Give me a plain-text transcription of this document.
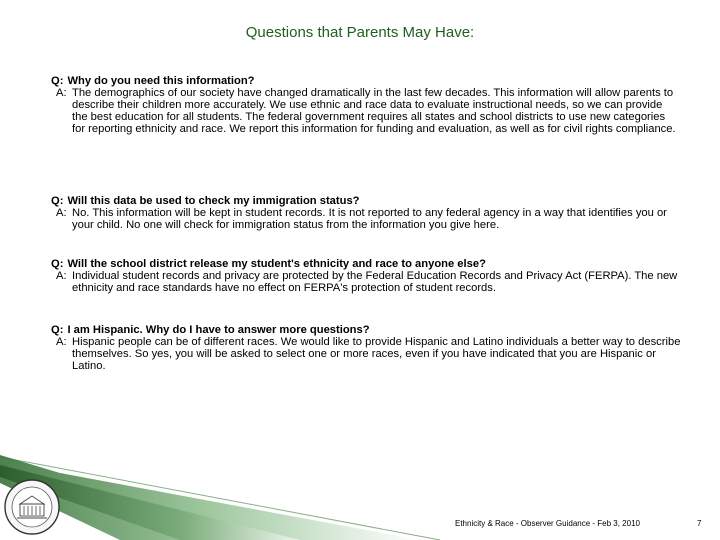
Questions that Parents May Have:

Q: Why do you need this information?

A: The demographics of our society have changed dramatically in the last few decades. This information will allow parents to describe their children more accurately. We use ethnic and race data to evaluate instructional needs, so we can provide the best education for all students. The federal government requires all states and school districts to use new categories for reporting ethnicity and race. We report this information for funding and evaluation, as well as for civil rights compliance.

Q: Will this data be used to check my immigration status?

A: No. This information will be kept in student records. It is not reported to any federal agency in a way that identifies you or your child. No one will check for immigration status from the information you give here.

Q: Will the school district release my student's ethnicity and race to anyone else?

A: Individual student records and privacy are protected by the Federal Education Records and Privacy Act (FERPA). The new ethnicity and race standards have no effect on FERPA's protection of student records.

Q: I am Hispanic. Why do I have to answer more questions?

A: Hispanic people can be of different races. We would like to provide Hispanic and Latino individuals a better way to describe themselves. So yes, you will be asked to select one or more races, even if you have indicated that you are Hispanic or Latino.

Ethnicity & Race - Observer Guidance - Feb 3, 2010	7
